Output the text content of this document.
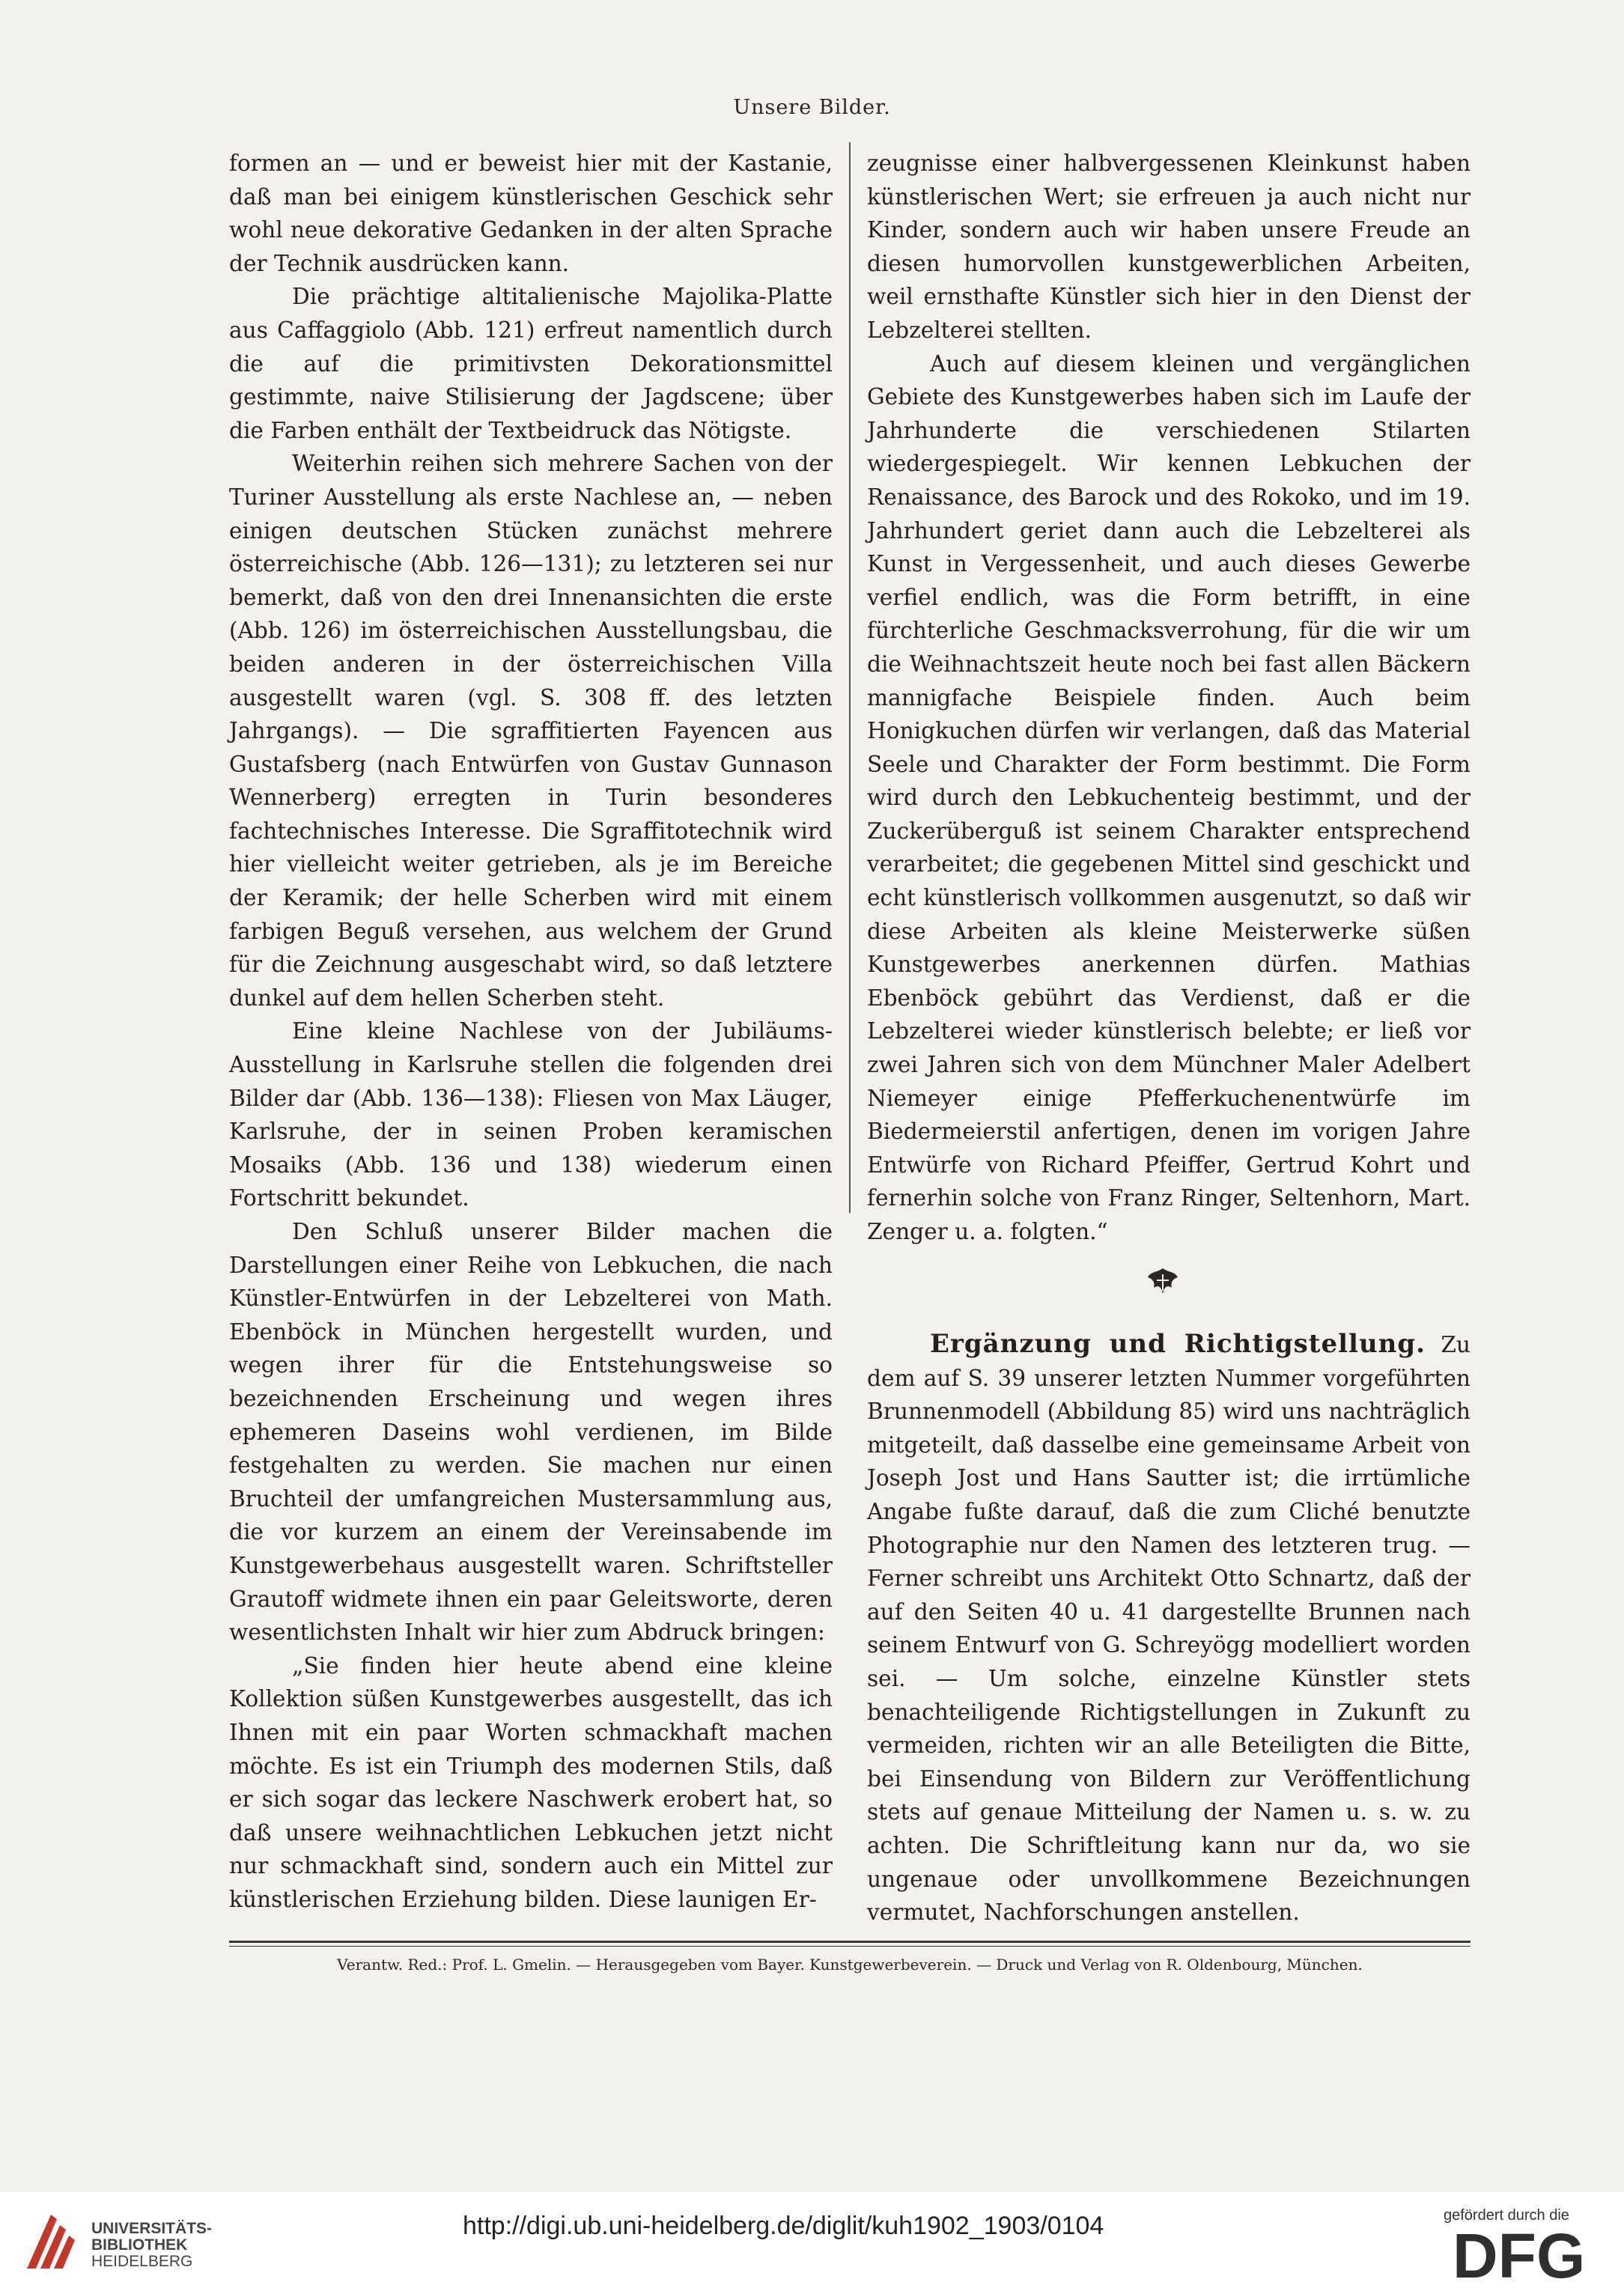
Unsere Bilder.

formen an — und er beweist hier mit der Kastanie, daß man bei einigem künstlerischen Geschick sehr wohl neue dekorative Gedanken in der alten Sprache der Technik ausdrücken kann.

Die prächtige altitalienische Majolika-Platte aus Caffaggiolo (Abb. 121) erfreut namentlich durch die auf die primitivsten Dekorationsmittel gestimmte, naive Stilisierung der Jagdscene; über die Farben enthält der Textbeidruck das Nötigste.

Weiterhin reihen sich mehrere Sachen von der Turiner Ausstellung als erste Nachlese an, — neben einigen deutschen Stücken zunächst mehrere österreichische (Abb. 126—131); zu letzteren sei nur bemerkt, daß von den drei Innenansichten die erste (Abb. 126) im österreichischen Ausstellungsbau, die beiden anderen in der österreichischen Villa ausgestellt waren (vgl. S. 308 ff. des letzten Jahrgangs). — Die sgraffitierten Fayencen aus Gustafsberg (nach Entwürfen von Gustav Gunnason Wennerberg) erregten in Turin besonderes fachtechnisches Interesse. Die Sgraffitotechnik wird hier vielleicht weiter getrieben, als je im Bereiche der Keramik; der helle Scherben wird mit einem farbigen Beguß versehen, aus welchem der Grund für die Zeichnung ausgeschabt wird, so daß letztere dunkel auf dem hellen Scherben steht.

Eine kleine Nachlese von der Jubiläums-Ausstellung in Karlsruhe stellen die folgenden drei Bilder dar (Abb. 136—138): Fliesen von Max Läuger, Karlsruhe, der in seinen Proben keramischen Mosaiks (Abb. 136 und 138) wiederum einen Fortschritt bekundet.

Den Schluß unserer Bilder machen die Darstellungen einer Reihe von Lebkuchen, die nach Künstler-Entwürfen in der Lebzelterei von Math. Ebenböck in München hergestellt wurden, und wegen ihrer für die Entstehungsweise so bezeichnenden Erscheinung und wegen ihres ephemeren Daseins wohl verdienen, im Bilde festgehalten zu werden. Sie machen nur einen Bruchteil der umfangreichen Mustersammlung aus, die vor kurzem an einem der Vereinsabende im Kunstgewerbehaus ausgestellt waren. Schriftsteller Grautoff widmete ihnen ein paar Geleitsworte, deren wesentlichsten Inhalt wir hier zum Abdruck bringen:

„Sie finden hier heute abend eine kleine Kollektion süßen Kunstgewerbes ausgestellt, das ich Ihnen mit ein paar Worten schmackhaft machen möchte. Es ist ein Triumph des modernen Stils, daß er sich sogar das leckere Naschwerk erobert hat, so daß unsere weihnachtlichen Lebkuchen jetzt nicht nur schmackhaft sind, sondern auch ein Mittel zur künstlerischen Erziehung bilden. Diese launigen Er-

zeugnisse einer halbvergessenen Kleinkunst haben künstlerischen Wert; sie erfreuen ja auch nicht nur Kinder, sondern auch wir haben unsere Freude an diesen humorvollen kunstgewerblichen Arbeiten, weil ernsthafte Künstler sich hier in den Dienst der Lebzelterei stellten.

Auch auf diesem kleinen und vergänglichen Gebiete des Kunstgewerbes haben sich im Laufe der Jahrhunderte die verschiedenen Stilarten wiedergespiegelt. Wir kennen Lebkuchen der Renaissance, des Barock und des Rokoko, und im 19. Jahrhundert geriet dann auch die Lebzelterei als Kunst in Vergessenheit, und auch dieses Gewerbe verfiel endlich, was die Form betrifft, in eine fürchterliche Geschmacksverrohung, für die wir um die Weihnachtszeit heute noch bei fast allen Bäckern mannigfache Beispiele finden. Auch beim Honigkuchen dürfen wir verlangen, daß das Material Seele und Charakter der Form bestimmt. Die Form wird durch den Lebkuchenteig bestimmt, und der Zuckerüberguß ist seinem Charakter entsprechend verarbeitet; die gegebenen Mittel sind geschickt und echt künstlerisch vollkommen ausgenutzt, so daß wir diese Arbeiten als kleine Meisterwerke süßen Kunstgewerbes anerkennen dürfen. Mathias Ebenböck gebührt das Verdienst, daß er die Lebzelterei wieder künstlerisch belebte; er ließ vor zwei Jahren sich von dem Münchner Maler Adelbert Niemeyer einige Pfefferkuchenentwürfe im Biedermeierstil anfertigen, denen im vorigen Jahre Entwürfe von Richard Pfeiffer, Gertrud Kohrt und fernerhin solche von Franz Ringer, Seltenhorn, Mart. Zenger u. a. folgten.“

Ergänzung und Richtigstellung. Zu dem auf S. 39 unserer letzten Nummer vorgeführten Brunnenmodell (Abbildung 85) wird uns nachträglich mitgeteilt, daß dasselbe eine gemeinsame Arbeit von Joseph Jost und Hans Sautter ist; die irrtümliche Angabe fußte darauf, daß die zum Cliché benutzte Photographie nur den Namen des letzteren trug. — Ferner schreibt uns Architekt Otto Schnartz, daß der auf den Seiten 40 u. 41 dargestellte Brunnen nach seinem Entwurf von G. Schreyögg modelliert worden sei. — Um solche, einzelne Künstler stets benachteiligende Richtigstellungen in Zukunft zu vermeiden, richten wir an alle Beteiligten die Bitte, bei Einsendung von Bildern zur Veröffentlichung stets auf genaue Mitteilung der Namen u. s. w. zu achten. Die Schriftleitung kann nur da, wo sie ungenaue oder unvollkommene Bezeichnungen vermutet, Nachforschungen anstellen.

Verantw. Red.: Prof. L. Gmelin. — Herausgegeben vom Bayer. Kunstgewerbeverein. — Druck und Verlag von R. Oldenbourg, München.
UNIVERSITÄTS-
BIBLIOTHEK
HEIDELBERG
http://digi.ub.uni-heidelberg.de/diglit/kuh1902_1903/0104	gefördert durch die
DFG
